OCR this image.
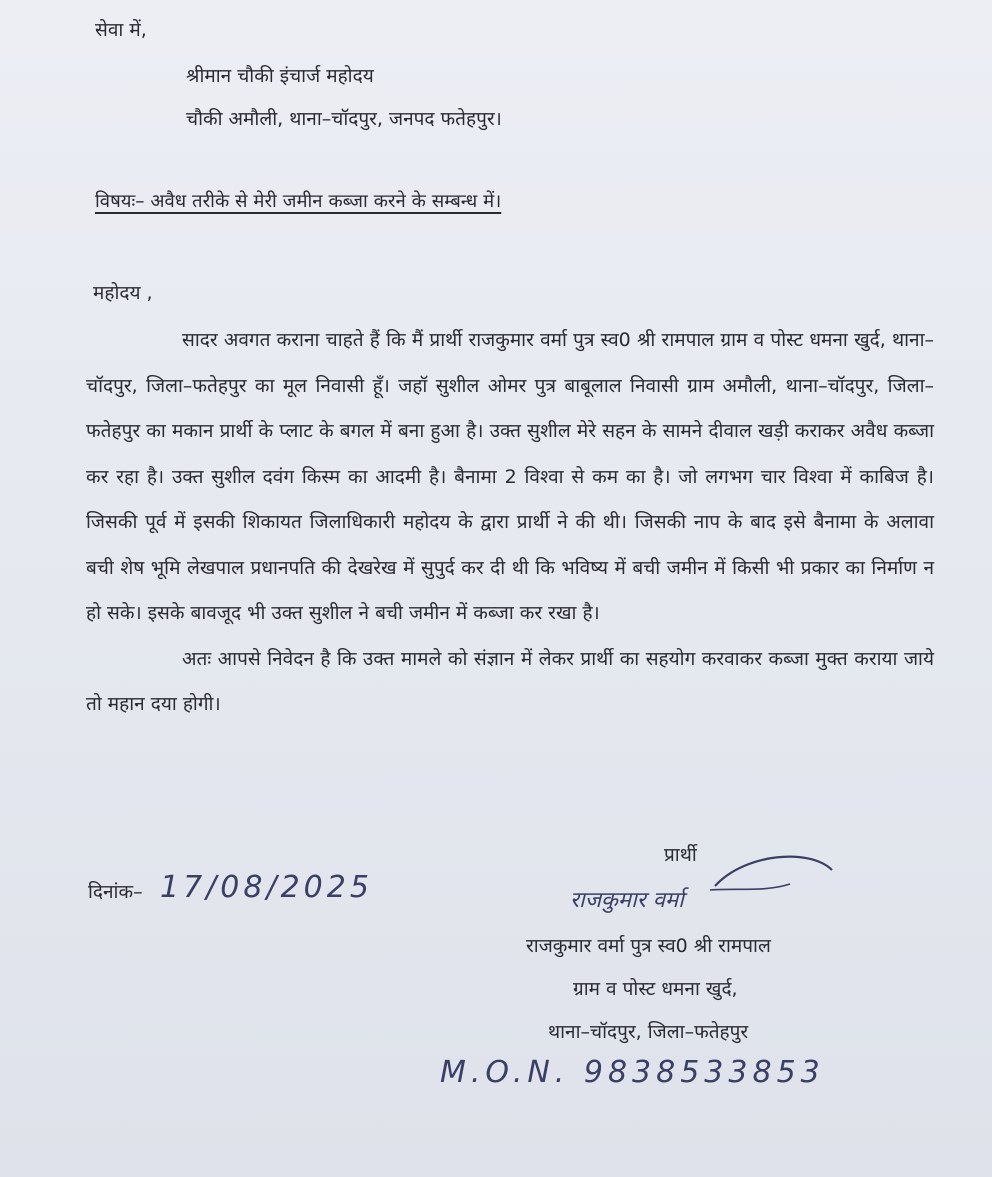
सेवा में,
श्रीमान चौकी इंचार्ज महोदय
चौकी अमौली, थाना–चॉदपुर, जनपद फतेहपुर।
विषयः– अवैध तरीके से मेरी जमीन कब्जा करने के सम्बन्ध में।
महोदय ,

सादर अवगत कराना चाहते हैं कि मैं प्रार्थी राजकुमार वर्मा पुत्र स्व0 श्री रामपाल ग्राम व पोस्ट धमना खुर्द, थाना–चॉदपुर, जिला–फतेहपुर का मूल निवासी हूँ। जहॉ सुशील ओमर पुत्र बाबूलाल निवासी ग्राम अमौली, थाना–चॉदपुर, जिला–फतेहपुर का मकान प्रार्थी के प्लाट के बगल में बना हुआ है। उक्त सुशील मेरे सहन के सामने दीवाल खड़ी कराकर अवैध कब्जा कर रहा है। उक्त सुशील दवंग किस्म का आदमी है। बैनामा 2 विश्वा से कम का है। जो लगभग चार विश्वा में काबिज है। जिसकी पूर्व में इसकी शिकायत जिलाधिकारी महोदय के द्वारा प्रार्थी ने की थी। जिसकी नाप के बाद इसे बैनामा के अलावा बची शेष भूमि लेखपाल प्रधानपति की देखरेख में सुपुर्द कर दी थी कि भविष्य में बची जमीन में किसी भी प्रकार का निर्माण न हो सके। इसके बावजूद भी उक्त सुशील ने बची जमीन में कब्जा कर रखा है।

अतः आपसे निवेदन है कि उक्त मामले को संज्ञान में लेकर प्रार्थी का सहयोग करवाकर कब्जा मुक्त कराया जाये तो महान दया होगी।

प्रार्थी
दिनांक– 17/08/2025	राजकुमार वर्मा
राजकुमार वर्मा पुत्र स्व0 श्री रामपाल
ग्राम व पोस्ट धमना खुर्द,
थाना–चॉदपुर, जिला–फतेहपुर
M.O.N. 9838533853
